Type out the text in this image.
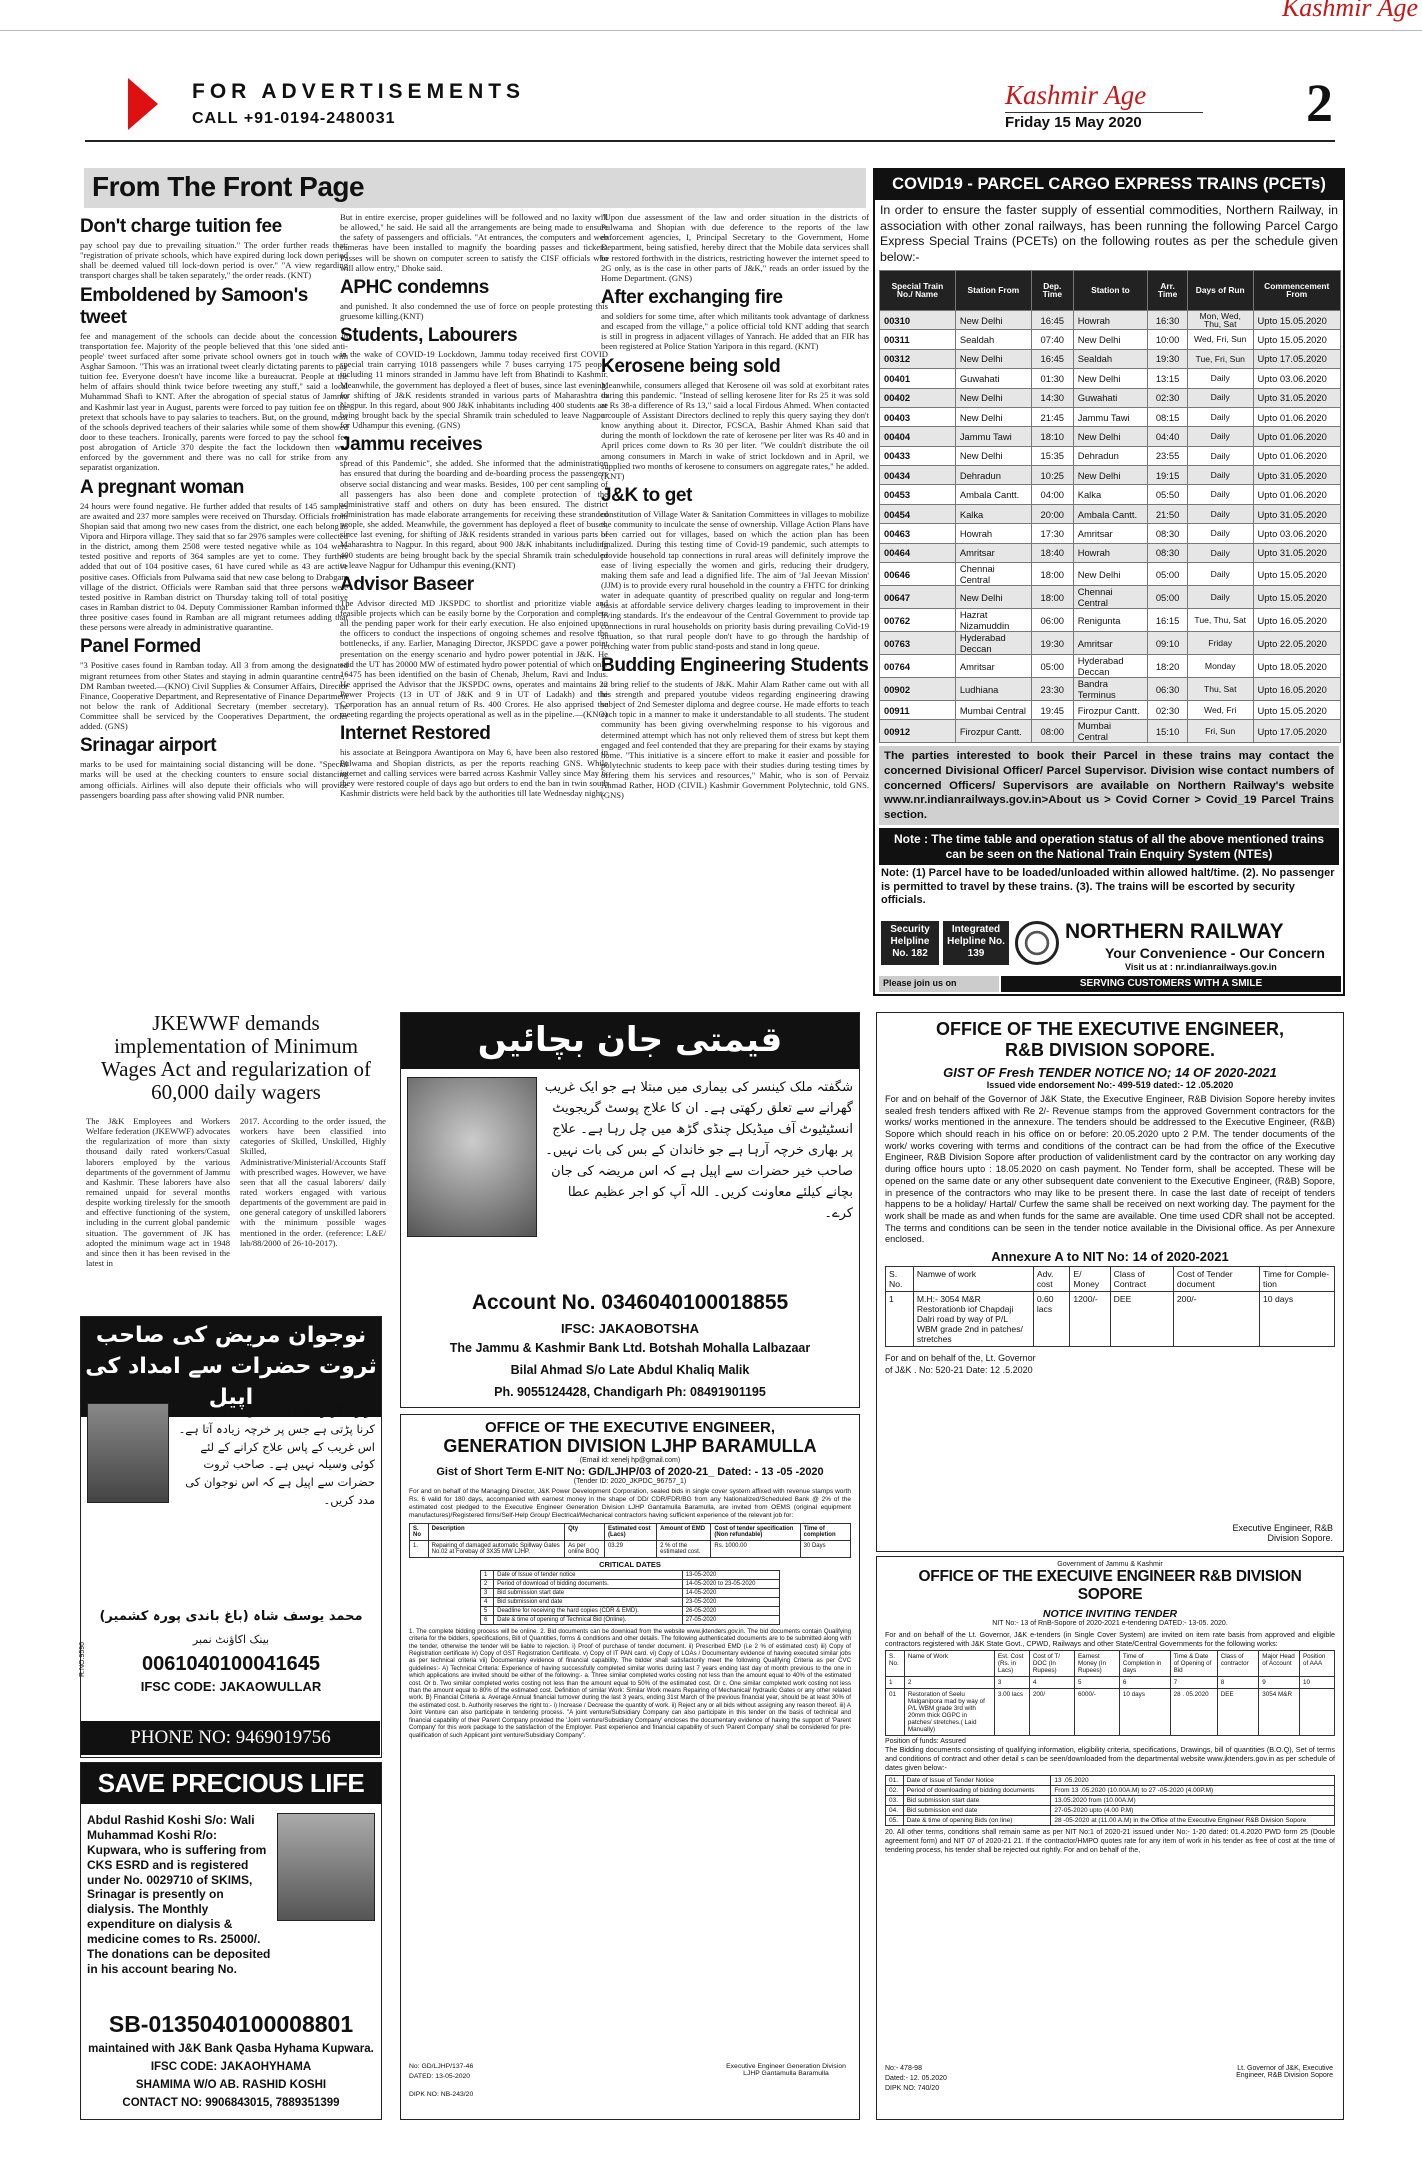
Kashmir Age
FOR ADVERTISEMENTS
CALL +91-0194-2480031
Kashmir Age
Friday 15 May 2020	2
From The Front Page
Don't charge tuition fee
pay school pay due to prevailing situation." The order further reads that: "registration of private schools, which have expired during lock down period shall be deemed valued till lock-down period is over." "A view regarding transport charges shall be taken separately," the order reads. (KNT)
Emboldened by Samoon's tweet
fee and management of the schools can decide about the concession in transportation fee. Majority of the people believed that this 'one sided anti-people' tweet surfaced after some private school owners got in touch with Asghar Samoon. "This was an irrational tweet clearly dictating parents to pay tuition fee. Everyone doesn't have income like a bureaucrat. People at the helm of affairs should think twice before tweeting any stuff," said a local Muhammad Shafi to KNT. After the abrogation of special status of Jammu and Kashmir last year in August, parents were forced to pay tuition fee on the pretext that schools have to pay salaries to teachers. But, on the ground, most of the schools deprived teachers of their salaries while some of them showed door to these teachers. Ironically, parents were forced to pay the school fee post abrogation of Article 370 despite the fact the lockdown then was enforced by the government and there was no call for strike from any separatist organization.
A pregnant woman
24 hours were found negative. He further added that results of 145 samples are awaited and 237 more samples were received on Thursday. Officials from Shopian said that among two new cases from the district, one each belong to Vipora and Hirpora village. They said that so far 2976 samples were collected in the district, among them 2508 were tested negative while as 104 were tested positive and reports of 364 samples are yet to come. They further added that out of 104 positive cases, 61 have cured while as 43 are active positive cases. Officials from Pulwama said that new case belong to Drabgam village of the district. Officials were Ramban said that three persons were tested positive in Ramban district on Thursday taking toll of total positive cases in Ramban district to 04. Deputy Commissioner Ramban informed that three positive cases found in Ramban are all migrant returnees adding that these persons were already in administrative quarantine.
Panel Formed
"3 Positive cases found in Ramban today. All 3 from among the designated migrant returnees from other States and staying in admin quarantine centre," DM Ramban tweeted.—(KNO) Civil Supplies & Consumer Affairs, Director Finance, Cooperative Department, and Representative of Finance Department not below the rank of Additional Secretary (member secretary). The Committee shall be serviced by the Cooperatives Department, the order added. (GNS)
Srinagar airport
marks to be used for maintaining social distancing will be done. "Special marks will be used at the checking counters to ensure social distancing among officials. Airlines will also depute their officials who will provide passengers boarding pass after showing valid PNR number.
But in entire exercise, proper guidelines will be followed and no laxity will be allowed," he said. He said all the arrangements are being made to ensure the safety of passengers and officials. "At entrances, the computers and web cameras have been installed to magnify the boarding passes and tickets. Passes will be shown on computer screen to satisfy the CISF officials who will allow entry," Dhoke said.
APHC condemns
and punished. It also condemned the use of force on people protesting this gruesome killing.(KNT)
Students, Labourers
in the wake of COVID-19 Lockdown, Jammu today received first COVID special train carrying 1018 passengers while 7 buses carrying 175 people including 11 minors stranded in Jammu have left from Bhatindi to Kashmir. Meanwhile, the government has deployed a fleet of buses, since last evening, for shifting of J&K residents stranded in various parts of Maharashtra to Nagpur. In this regard, about 900 J&K inhabitants including 400 students are being brought back by the special Shramik train scheduled to leave Nagpur for Udhampur this evening. (GNS)
Jammu receives
spread of this Pandemic", she added. She informed that the administration has ensured that during the boarding and de-boarding process the passengers observe social distancing and wear masks. Besides, 100 per cent sampling of all passengers has also been done and complete protection of the administrative staff and others on duty has been ensured. The district administration has made elaborate arrangements for receiving these stranded people, she added. Meanwhile, the government has deployed a fleet of buses, since last evening, for shifting of J&K residents stranded in various parts of Maharashtra to Nagpur. In this regard, about 900 J&K inhabitants including 400 students are being brought back by the special Shramik train scheduled to leave Nagpur for Udhampur this evening.(KNT)
Advisor Baseer
The Advisor directed MD JKSPDC to shortlist and prioritize viable and feasible projects which can be easily borne by the Corporation and complete all the pending paper work for their early execution. He also enjoined upon the officers to conduct the inspections of ongoing schemes and resolve the bottlenecks, if any. Earlier, Managing Director, JKSPDC gave a power point presentation on the energy scenario and hydro power potential in J&K. He said the UT has 20000 MW of estimated hydro power potential of which only 16475 has been identified on the basin of Chenab, Jhelum, Ravi and Indus. He apprised the Advisor that the JKSPDC owns, operates and maintains 22 Power Projects (13 in UT of J&K and 9 in UT of Ladakh) and the Corporation has an annual return of Rs. 400 Crores. He also apprised the meeting regarding the projects operational as well as in the pipeline.—(KNO)
Internet Restored
his associate at Beingpora Awantipora on May 6, have been also restored in Pulwama and Shopian districts, as per the reports reaching GNS. While internet and calling services were barred across Kashmir Valley since May 6, they were restored couple of days ago but orders to end the ban in twin south Kashmir districts were held back by the authorities till late Wednesday night.
"Upon due assessment of the law and order situation in the districts of Pulwama and Shopian with due deference to the reports of the law enforcement agencies, I, Principal Secretary to the Government, Home Department, being satisfied, hereby direct that the Mobile data services shall be restored forthwith in the districts, restricting however the internet speed to 2G only, as is the case in other parts of J&K," reads an order issued by the Home Department. (GNS)
After exchanging fire
and soldiers for some time, after which militants took advantage of darkness and escaped from the village," a police official told KNT adding that search is still in progress in adjacent villages of Yanrach. He added that an FIR has been registered at Police Station Yaripora in this regard. (KNT)
Kerosene being sold
Meanwhile, consumers alleged that Kerosene oil was sold at exorbitant rates during this pandemic. "Instead of selling kerosene liter for Rs 25 it was sold at Rs 38-a difference of Rs 13," said a local Firdous Ahmed. When contacted a couple of Assistant Directors declined to reply this query saying they don't know anything about it. Director, FCSCA, Bashir Ahmed Khan said that during the month of lockdown the rate of kerosene per liter was Rs 40 and in April prices come down to Rs 30 per liter. "We couldn't distribute the oil among consumers in March in wake of strict lockdown and in April, we supplied two months of kerosene to consumers on aggregate rates," he added. (KNT)
J&K to get
constitution of Village Water & Sanitation Committees in villages to mobilize the community to inculcate the sense of ownership. Village Action Plans have been carried out for villages, based on which the action plan has been finalized. During this testing time of Covid-19 pandemic, such attempts to provide household tap connections in rural areas will definitely improve the ease of living especially the women and girls, reducing their drudgery, making them safe and lead a dignified life. The aim of 'Jal Jeevan Mission' (JJM) is to provide every rural household in the country a FHTC for drinking water in adequate quantity of prescribed quality on regular and long-term basis at affordable service delivery charges leading to improvement in their living standards. It's the endeavour of the Central Government to provide tap connections in rural households on priority basis during prevailing CoVid-19 situation, so that rural people don't have to go through the hardship of fetching water from public stand-posts and stand in long queue.
Budding Engineering Students
to bring relief to the students of J&K. Mahir Alam Rather came out with all his strength and prepared youtube videos regarding engineering drawing subject of 2nd Semester diploma and degree course. He made efforts to teach each topic in a manner to make it understandable to all students. The student community has been giving overwhelming response to his vigorous and determined attempt which has not only relieved them of stress but kept them engaged and feel contended that they are preparing for their exams by staying home. "This initiative is a sincere effort to make it easier and possible for polytechnic students to keep pace with their studies during testing times by offering them his services and resources," Mahir, who is son of Pervaiz Ahmad Rather, HOD (CIVIL) Kashmir Government Polytechnic, told GNS. (GNS)
COVID19 - PARCEL CARGO EXPRESS TRAINS (PCETs)
In order to ensure the faster supply of essential commodities, Northern Railway, in association with other zonal railways, has been running the following Parcel Cargo Express Special Trains (PCETs) on the following routes as per the schedule given below:-
Special Train No./ Name	Station From	Dep. Time	Station to	Arr. Time	Days of Run	Commencement From
00310	New Delhi	16:45	Howrah	16:30	Mon, Wed, Thu, Sat	Upto 15.05.2020
00311	Sealdah	07:40	New Delhi	10:00	Wed, Fri, Sun	Upto 15.05.2020
00312	New Delhi	16:45	Sealdah	19:30	Tue, Fri, Sun	Upto 17.05.2020
00401	Guwahati	01:30	New Delhi	13:15	Daily	Upto 03.06.2020
00402	New Delhi	14:30	Guwahati	02:30	Daily	Upto 31.05.2020
00403	New Delhi	21:45	Jammu Tawi	08:15	Daily	Upto 01.06.2020
00404	Jammu Tawi	18:10	New Delhi	04:40	Daily	Upto 01.06.2020
00433	New Delhi	15:35	Dehradun	23:55	Daily	Upto 01.06.2020
00434	Dehradun	10:25	New Delhi	19:15	Daily	Upto 31.05.2020
00453	Ambala Cantt.	04:00	Kalka	05:50	Daily	Upto 01.06.2020
00454	Kalka	20:00	Ambala Cantt.	21:50	Daily	Upto 31.05.2020
00463	Howrah	17:30	Amritsar	08:30	Daily	Upto 03.06.2020
00464	Amritsar	18:40	Howrah	08:30	Daily	Upto 31.05.2020
00646	Chennai Central	18:00	New Delhi	05:00	Daily	Upto 15.05.2020
00647	New Delhi	18:00	Chennai Central	05:00	Daily	Upto 15.05.2020
00762	Hazrat Nizamuddin	06:00	Renigunta	16:15	Tue, Thu, Sat	Upto 16.05.2020
00763	Hyderabad Deccan	19:30	Amritsar	09:10	Friday	Upto 22.05.2020
00764	Amritsar	05:00	Hyderabad Deccan	18:20	Monday	Upto 18.05.2020
00902	Ludhiana	23:30	Bandra Terminus	06:30	Thu, Sat	Upto 16.05.2020
00911	Mumbai Central	19:45	Firozpur Cantt.	02:30	Wed, Fri	Upto 15.05.2020
00912	Firozpur Cantt.	08:00	Mumbai Central	15:10	Fri, Sun	Upto 17.05.2020
The parties interested to book their Parcel in these trains may contact the concerned Divisional Officer/ Parcel Supervisor. Division wise contact numbers of concerned Officers/ Supervisors are available on Northern Railway's website www.nr.indianrailways.gov.in>About us > Covid Corner > Covid_19 Parcel Trains section.
Note : The time table and operation status of all the above mentioned trains can be seen on the National Train Enquiry System (NTEs)
Note: (1) Parcel have to be loaded/unloaded within allowed halt/time. (2). No passenger is permitted to travel by these trains. (3). The trains will be escorted by security officials.
Security Helpline No. 182
Integrated Helpline No. 139
NORTHERN RAILWAY
Your Convenience - Our Concern
Visit us at : nr.indianrailways.gov.in
Please join us on	SERVING CUSTOMERS WITH A SMILE
JKEWWF demands implementation of Minimum Wages Act and regularization of 60,000 daily wagers
The J&K Employees and Workers Welfare federation (JKEWWF) advocates the regularization of more than sixty thousand daily rated workers/Casual laborers employed by the various departments of the government of Jammu and Kashmir. These laborers have also remained unpaid for several months despite working tirelessly for the smooth and effective functioning of the system, including in the current global pandemic situation. The government of JK has adopted the minimum wage act in 1948 and since then it has been revised in the latest in
2017. According to the order issued, the workers have been classified into categories of Skilled, Unskilled, Highly Skilled, Administrative/Ministerial/Accounts Staff with prescribed wages. However, we have seen that all the casual laborers/ daily rated workers engaged with various departments of the government are paid in one general category of unskilled laborers with the minimum possible wages mentioned in the order. (reference: L&E/ lab/88/2000 of 26-10-2017).
نوجوان مریض کی صاحب ثروت حضرات سے امداد کی اپیل
دونوں گردوں کی ڈیالیسس Bilecices کرنا پڑتی ہے جس پر خرچہ زیادہ آتا ہے۔ اس غریب کے پاس علاج کرانے کے لئے کوئی وسیلہ نہیں ہے۔ صاحب ثروت حضرات سے اپیل ہے کہ اس نوجوان کی مدد کریں۔
محمد یوسف شاہ (باغ باندی پورہ کشمیر)
بینک اکاؤنٹ نمبر
0061040100041645
IFSC CODE: JAKAOWULLAR
PHONE NO: 9469019756
R.NO.9596
SAVE PRECIOUS LIFE
Abdul Rashid Koshi S/o: Wali Muhammad Koshi R/o: Kupwara, who is suffering from CKS ESRD and is registered under No. 0029710 of SKIMS, Srinagar is presently on dialysis. The Monthly expenditure on dialysis & medicine comes to Rs. 25000/. The donations can be deposited in his account bearing No.
SB-0135040100008801
maintained with J&K Bank Qasba Hyhama Kupwara.
IFSC CODE: JAKAOHYHAMA
SHAMIMA W/O AB. RASHID KOSHI
CONTACT NO: 9906843015, 7889351399
قیمتی جان بچائیں
شگفتہ ملک کینسر کی بیماری میں مبتلا ہے جو ایک غریب گھرانے سے تعلق رکھتی ہے۔ ان کا علاج پوسٹ گریجویٹ انسٹیٹیوٹ آف میڈیکل چنڈی گڑھ میں چل رہا ہے۔ علاج پر بھاری خرچہ آرہا ہے جو خاندان کے بس کی بات نہیں۔ صاحب خیر حضرات سے اپیل ہے کہ اس مریضہ کی جان بچانے کیلئے معاونت کریں۔ اللہ آپ کو اجر عظیم عطا کرے۔
Account No. 0346040100018855
IFSC: JAKAOBOTSHA
The Jammu & Kashmir Bank Ltd. Botshah Mohalla Lalbazaar
Bilal Ahmad S/o Late Abdul Khaliq Malik
Ph. 9055124428, Chandigarh Ph: 08491901195
OFFICE OF THE EXECUTIVE ENGINEER,
GENERATION DIVISION LJHP BARAMULLA
(Email id: xenelj hp@gmail.com)
Gist of Short Term E-NIT No: GD/LJHP/03 of 2020-21_ Dated: - 13 -05 -2020
(Tender ID: 2020_JKPDC_96757_1)
For and on behalf of the Managing Director, J&K Power Development Corporation, sealed bids in single cover system affixed with revenue stamps worth Rs. 6 valid for 180 days, accompanied with earnest money in the shape of DD/ CDR/FDR/BG from any Nationalized/Scheduled Bank @ 2% of the estimated cost pledged to the Executive Engineer Generation Division LJHP Gantamulla Baramulla, are invited from OEMS (original equipment manufactures)/Registered firms/Self-Help Group/ Electrical/Mechanical contractors having sufficient experience of the relevant job for:
S. No	Description	Qty	Estimated cost (Lacs)	Amount of EMD	Cost of tender specification (Non refundable)	Time of completion
1.	Repairing of damaged automatic Spillway Gates No.02 at Forebay of 3X35 MW LJHP.	As per online BOQ	03.29	2 % of the estimated cost.	Rs. 1000.00	30 Days
CRITICAL DATES
1	Date of Issue of tender notice	13-05-2020
2	Period of download of bidding documents.	14-05-2020 to 23-05-2020
3	Bid submission start date	14-05-2020
4	Bid submission end date	23-05-2020
5	Deadline for receiving the hard copies (CDR & EMD).	26-05-2020
6	Date & time of opening of Technical Bid (Online).	27-05-2020
1. The complete bidding process will be online. 2. Bid documents can be download from the website www.jktenders.gov.in. The bid documents contain Qualifying criteria for the bidders, specifications, Bill of Quantities, forms & conditions and other details. The following authenticated documents are to be submitted along with the tender, otherwise the tender will be liable to rejection. i) Proof of purchase of tender document. ii) Prescribed EMD (i.e 2 % of estimated cost) iii) Copy of Registration certificate iv) Copy of GST Registration Certificate. v) Copy of IT PAN card. vi) Copy of LOAs / Documentary evidence of having executed similar jobs as per technical criteria vii) Documentary evidence of financial capability. The bidder shall satisfactorily meet the following Qualifying Criteria as per CVC guidelines:- A) Technical Criteria: Experience of having successfully completed similar works during last 7 years ending last day of month previous to the one in which applications are invited should be either of the following:- a. Three similar completed works costing not less than the amount equal to 40% of the estimated cost. Or b. Two similar completed works costing not less than the amount equal to 50% of the estimated cost. Or c. One similar completed work costing not less than the amount equal to 80% of the estimated cost. Definition of similar Work: Similar Work means Repairing of Mechanical/ hydraulic Gates or any other related work. B) Financial Criteria a. Average Annual financial turnover during the last 3 years, ending 31st March of the previous financial year, should be at least 30% of the estimated cost. b. Authority reserves the right to:- i) Increase / Decrease the quantity of work. ii) Reject any or all bids without assigning any reason thereof. iii) A Joint Venture can also participate in tendering process. "A joint venture/Subsidiary Company can also participate in this tender on the basis of technical and financial capability of their Parent Company provided the 'Joint venture/Subsidiary Company' encloses the documentary evidence of having the support of 'Parent Company' for this work package to the satisfaction of the Employer. Past experience and financial capability of such 'Parent Company' shall be considered for pre-qualification of such Applicant joint venture/Subsidiary Company".
No: GD/LJHP/137-46
DATED: 13-05-2020
DIPK NO: NB-243/20
Executive Engineer Generation Division LJHP Gantamulla Baramulla
OFFICE OF THE EXECUTIVE ENGINEER,
R&B DIVISION SOPORE.
GIST OF Fresh TENDER NOTICE NO; 14 OF 2020-2021
Issued vide endorsement No:- 499-519 dated:- 12 .05.2020
For and on behalf of the Governor of J&K State, the Executive Engineer, R&B Division Sopore hereby invites sealed fresh tenders affixed with Re 2/- Revenue stamps from the approved Government contractors for the works/ works mentioned in the annexure. The tenders should be addressed to the Executive Engineer, (R&B) Sopore which should reach in his office on or before: 20.05.2020 upto 2 P.M. The tender documents of the work/ works covering with terms and conditions of the contract can be had from the office of the Executive Engineer, R&B Division Sopore after production of validenlistment card by the contractor on any working day during office hours upto : 18.05.2020 on cash payment. No Tender form, shall be accepted. These will be opened on the same date or any other subsequent date convenient to the Executive Engineer, (R&B) Sopore, in presence of the contractors who may like to be present there. In case the last date of receipt of tenders happens to be a holiday/ Hartal/ Curfew the same shall be received on next working day. The payment for the work shall be made as and when funds for the same are available. One time used CDR shall not be accepted. The terms and conditions can be seen in the tender notice available in the Divisional office. As per Annexure enclosed.
Annexure A to NIT No: 14 of 2020-2021
S. No.	Namwe of work	Adv. cost	E/ Money	Class of Contract	Cost of Tender document	Time for Comple- tion
1	M.H:- 3054 M&R Restorationb iof Chapdaji Dalri road by way of P/L WBM grade 2nd in patches/ stretches	0.60 lacs	1200/-	DEE	200/-	10 days
For and on behalf of the, Lt. Governor of J&K . No: 520-21 Date: 12 .5.2020
Executive Engineer, R&B Division Sopore.
Government of Jammu & Kashmir
OFFICE OF THE EXECUIVE ENGINEER R&B DIVISION SOPORE
NOTICE INVITING TENDER
NIT No:- 13 of RnB-Sopore of 2020-2021 e-tendering DATED:- 13-05. 2020.
For and on behalf of the Lt. Governor, J&K e-tenders (in Single Cover System) are invited on item rate basis from approved and eligible contractors registered with J&K State Govt., CPWD, Railways and other State/Central Governments for the following works:
S. No.	Name of Work	Est. Cost (Rs. in Lacs)	Cost of T/ DOC (In Rupees)	Earnest Money (In Rupees)	Time of Completion in days	Time & Date of Opening of Bid	Class of contractor	Major Head of Account	Position of AAA
1	2	3	4	5	6	7	8	9	10
01	Restoration of Seelu Malganipora mad by way of P/L WBM grade 3rd with 20mm thick OGPC in patches/ stretches.( Laid Manually)	3.00 lacs	200/	6000/-	10 days	28 . 05.2020	DEE	3054 M&R	
Position of funds: Assured
The Bidding documents consisting of qualifying information, eligibility criteria, specifications, Drawings, bill of quantities (B.O.Q), Set of terms and conditions of contract and other detail s can be seen/downloaded from the departmental website www.jktenders.gov.in as per schedule of dates given below:-
01.	Date of Issue of Tender Notice	13 .05.2020
02.	Period of downloading of bidding documents	From 13 .05.2020 (10.00A.M) to 27 -05-2020 (4.00P.M)
03.	Bid submission start date	13.05.2020 from (10.00A.M)
04.	Bid submission end date	27-05-2020 upto (4.00 P.M)
05.	Date & time of opening Bids (on line)	28 -05-2020 at (11.00 A.M) in the Office of the Executive Engineer R&B Division Sopore
20. All other terms, conditions shall remain same as per NIT No:1 of 2020-21 issued under No:- 1-20 dated: 01.4.2020 PWD form 25 (Double agreement form) and NIT 07 of 2020-21 21. If the contractor/HMPO quotes rate for any item of work in his tender as free of cost at the time of tendering process, his tender shall be rejected out rightly. For and on behalf of the,
No:- 478-98
Dated:- 12. 05.2020
DIPK NO: 740/20
Lt. Governor of J&K, Executive Engineer, R&B Division Sopore
